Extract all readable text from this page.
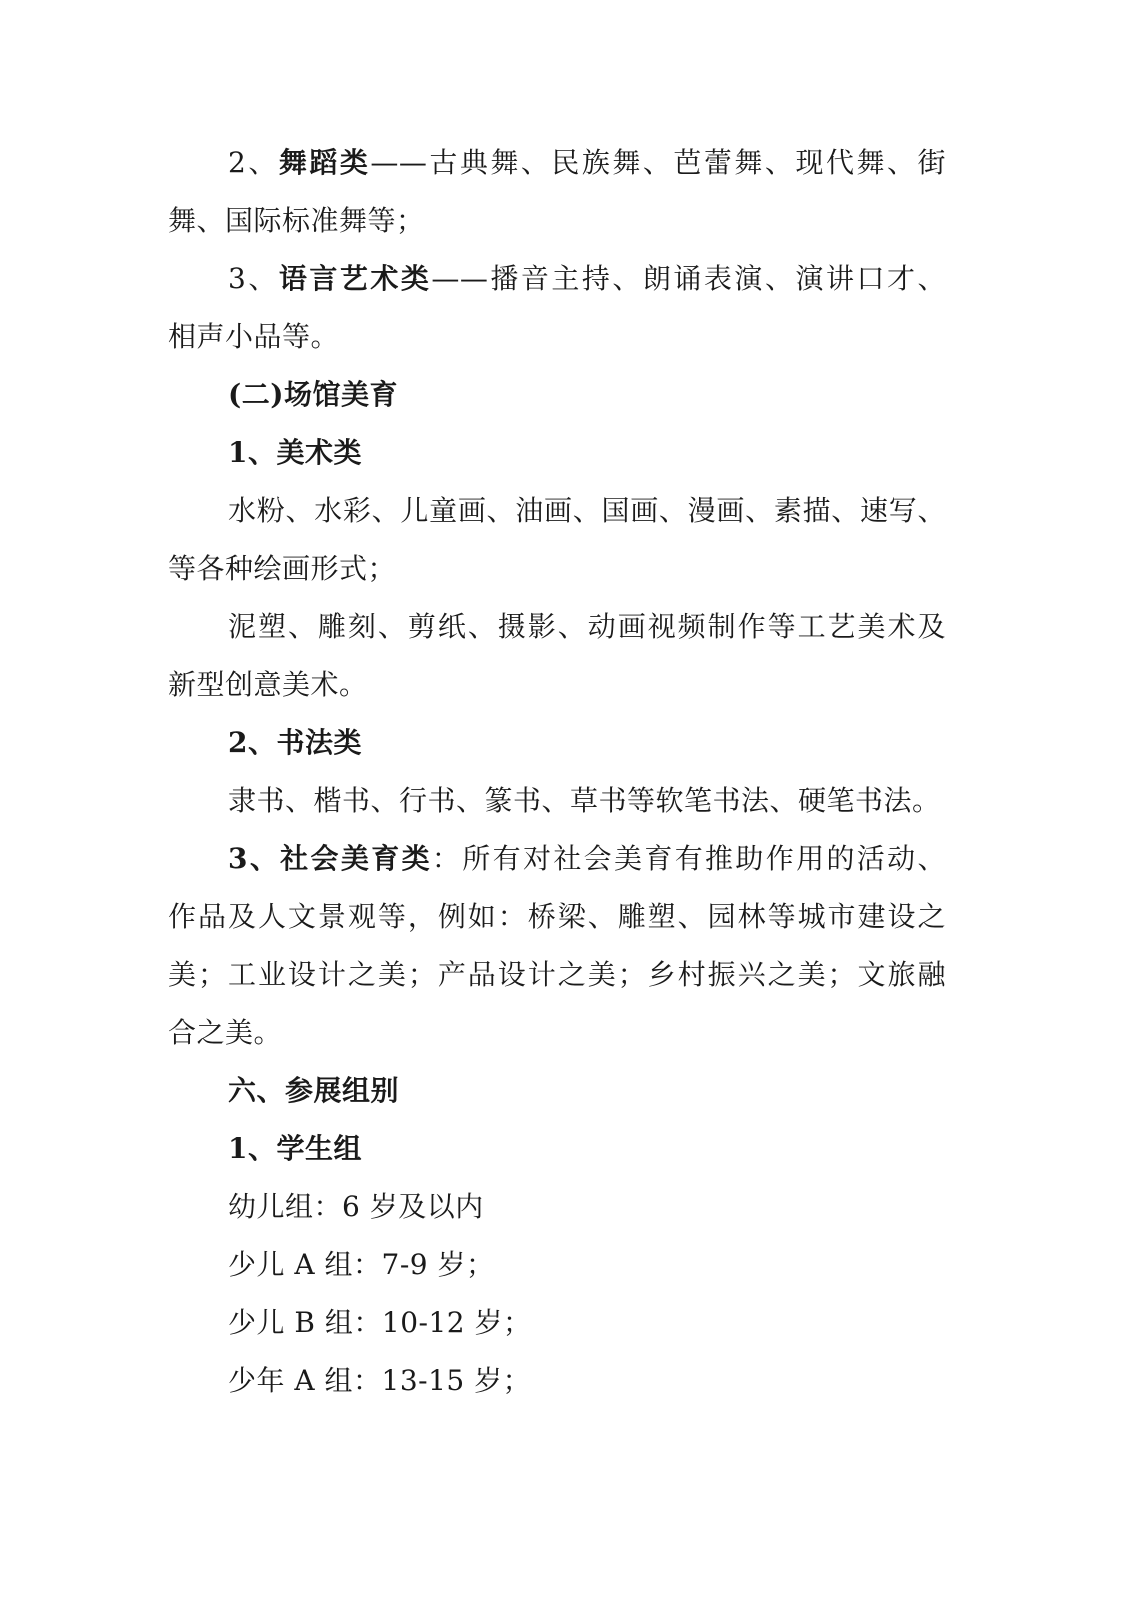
2、舞蹈类——古典舞、民族舞、芭蕾舞、现代舞、街
舞、国际标准舞等；
3、语言艺术类——播音主持、朗诵表演、演讲口才、
相声小品等。
(二)场馆美育
1、美术类
水粉、水彩、儿童画、油画、国画、漫画、素描、速写、
等各种绘画形式；
泥塑、雕刻、剪纸、摄影、动画视频制作等工艺美术及
新型创意美术。
2、书法类
隶书、楷书、行书、篆书、草书等软笔书法、硬笔书法。
3、社会美育类：所有对社会美育有推助作用的活动、
作品及人文景观等，例如：桥梁、雕塑、园林等城市建设之
美；工业设计之美；产品设计之美；乡村振兴之美；文旅融
合之美。
六、参展组别
1、学生组
幼儿组：6 岁及以内
少儿 A 组：7-9 岁；
少儿 B 组：10-12 岁；
少年 A 组：13-15 岁；
